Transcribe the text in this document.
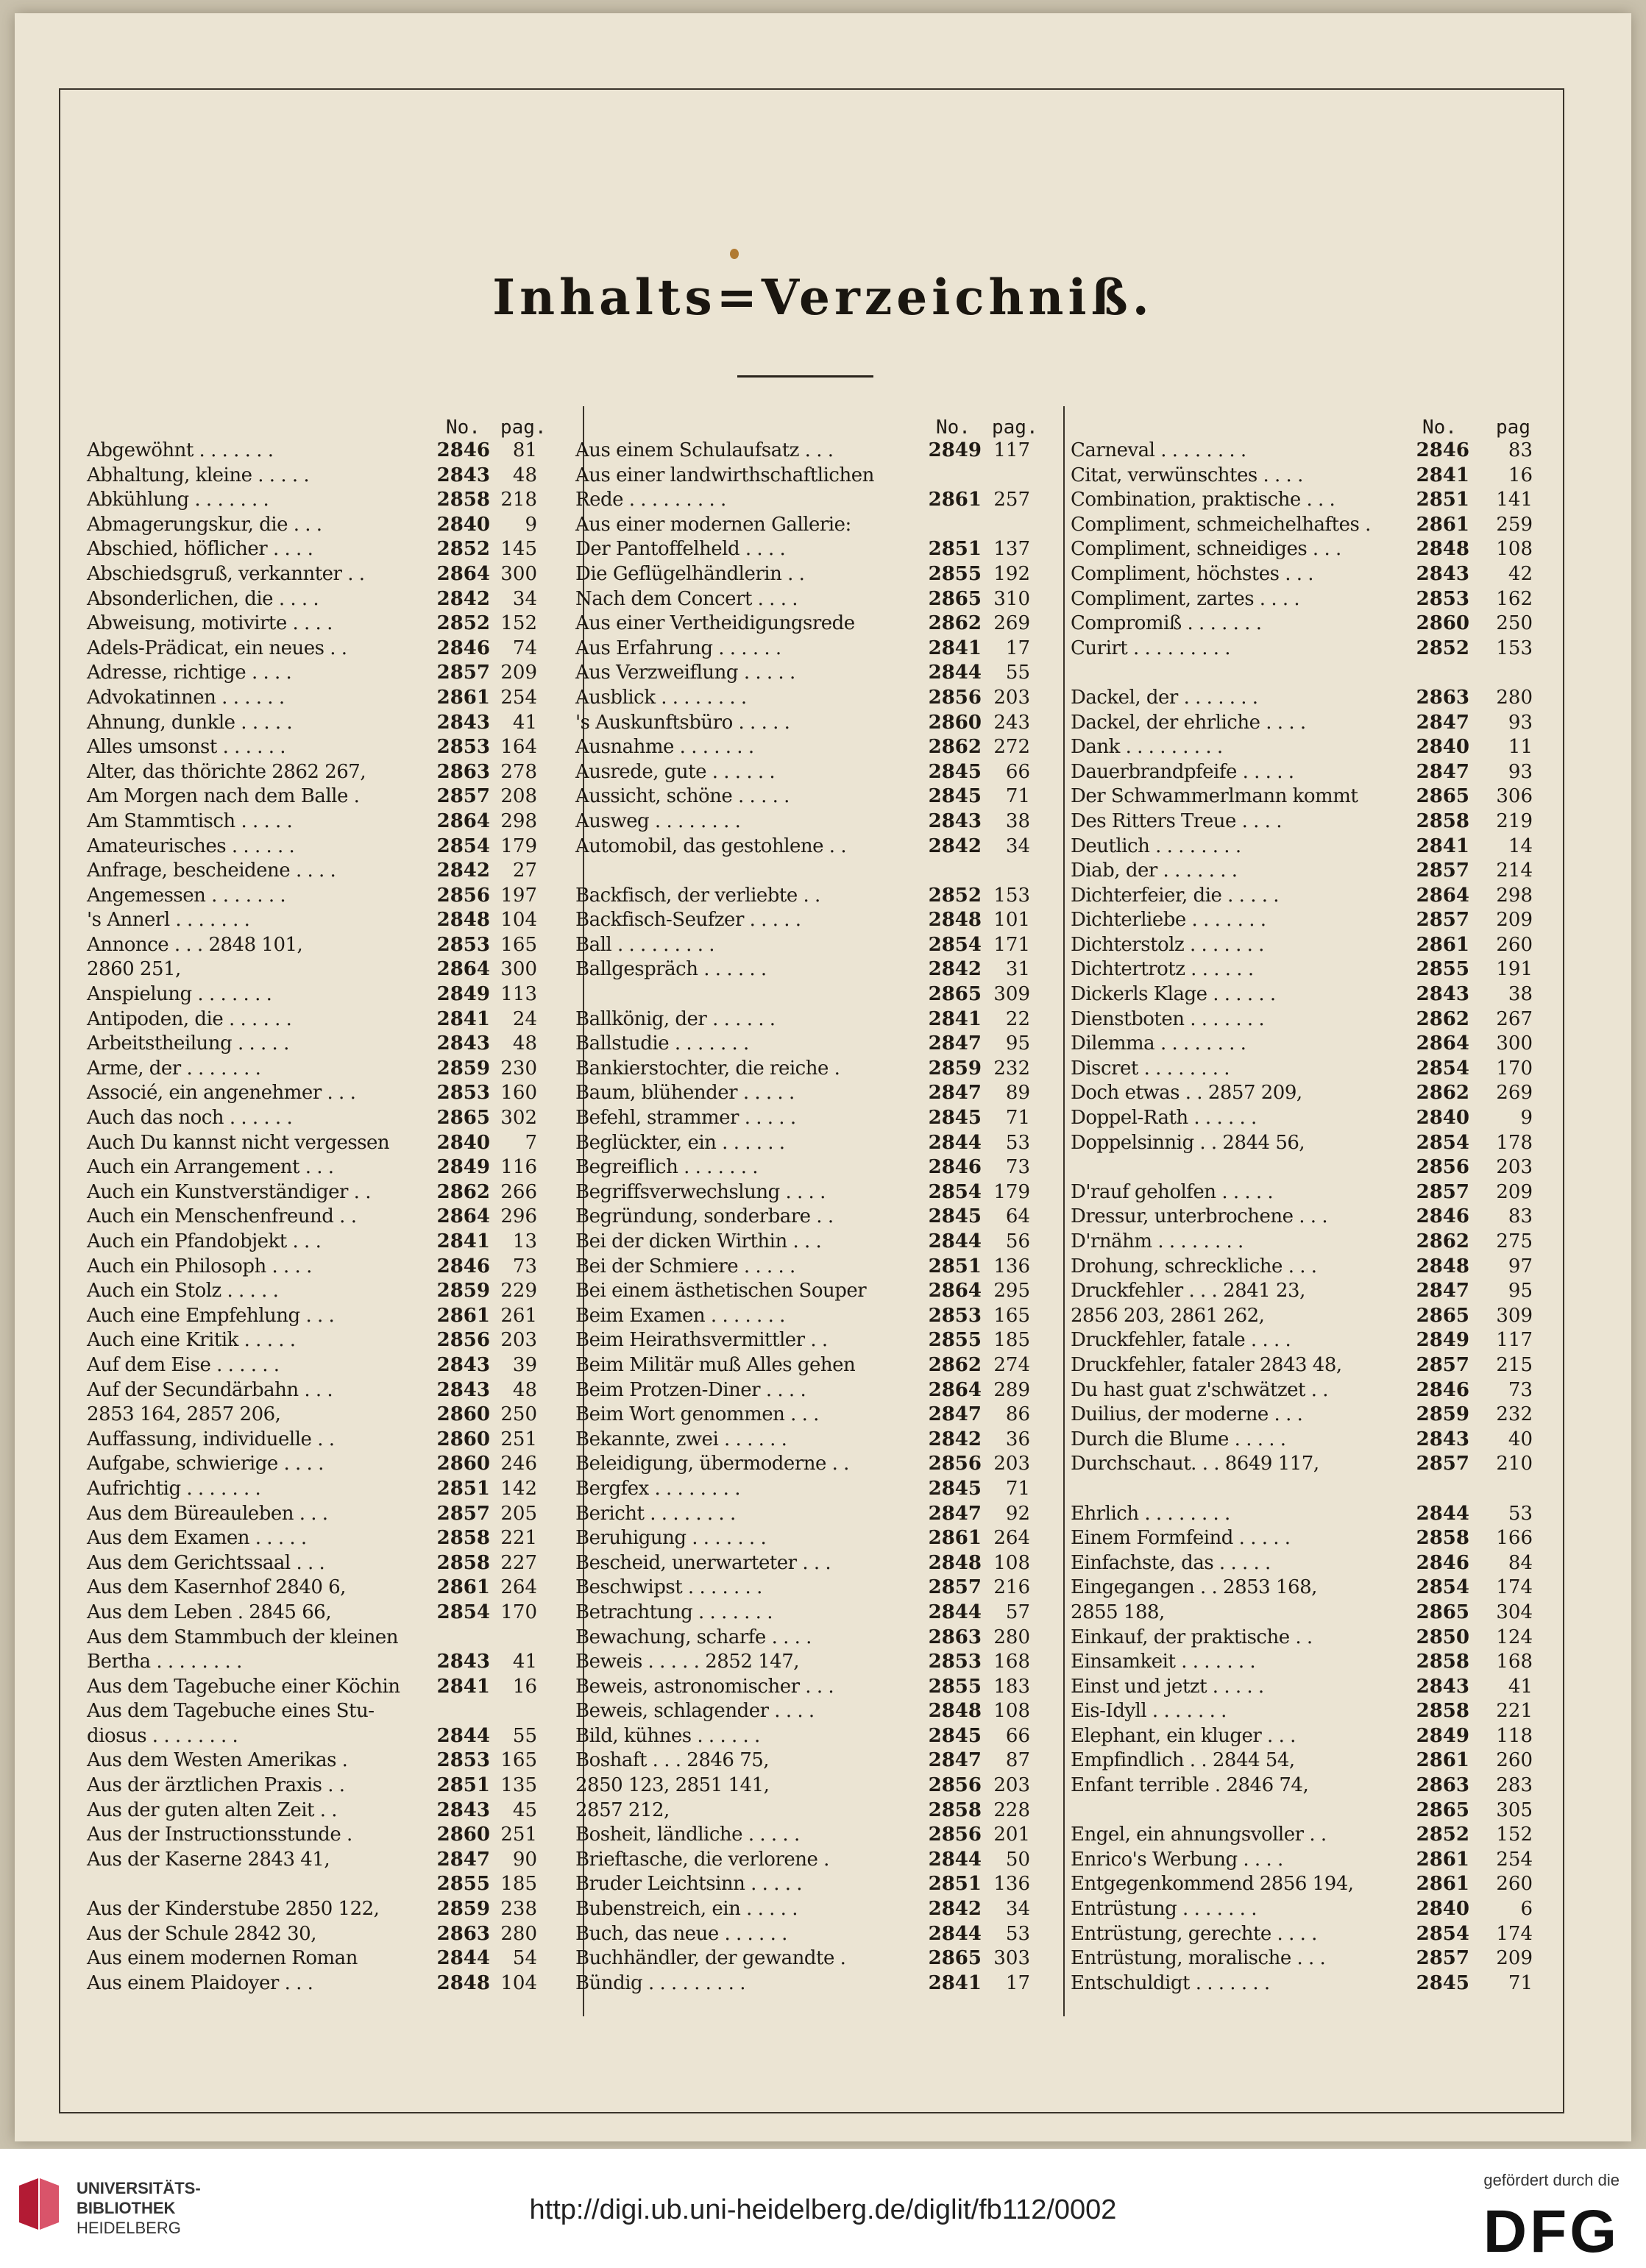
Inhalts=Verzeichniß.
No. pag.
Abgewöhnt . . . . . . .	2846	81
Abhaltung, kleine . . . . .	2843	48
Abkühlung . . . . . . .	2858 218
Abmagerungskur, die . . .	2840	9
Abschied, höflicher . . . .	2852 145
Abschiedsgruß, verkannter . .	2864 300
Absonderlichen, die . . . .	2842	34
Abweisung, motivirte . . . .	2852 152
Adels-Prädicat, ein neues . .	2846	74
Adresse, richtige . . . .	2857 209
Advokatinnen . . . . . .	2861 254
Ahnung, dunkle . . . . .	2843	41
Alles umsonst . . . . . .	2853 164
Alter, das thörichte 2862 267,	2863 278
Am Morgen nach dem Balle .	2857 208
Am Stammtisch . . . . .	2864 298
Amateurisches . . . . . .	2854 179
Anfrage, bescheidene . . . .	2842	27
Angemessen . . . . . . .	2856 197
's Annerl . . . . . . .	2848 104
Annonce . . . 2848 101,	2853 165
2860 251,	2864 300
Anspielung . . . . . . .	2849 113
Antipoden, die . . . . . .	2841	24
Arbeitstheilung . . . . .	2843	48
Arme, der . . . . . . .	2859 230
Associé, ein angenehmer . . .	2853 160
Auch das noch . . . . . .	2865 302
Auch Du kannst nicht vergessen	2840	7
Auch ein Arrangement . . .	2849 116
Auch ein Kunstverständiger . .	2862 266
Auch ein Menschenfreund . .	2864 296
Auch ein Pfandobjekt . . .	2841	13
Auch ein Philosoph . . . .	2846	73
Auch ein Stolz . . . . .	2859 229
Auch eine Empfehlung . . .	2861 261
Auch eine Kritik . . . . .	2856 203
Auf dem Eise . . . . . .	2843	39
Auf der Secundärbahn . . .	2843	48
2853 164, 2857 206,	2860 250
Auffassung, individuelle . .	2860 251
Aufgabe, schwierige . . . .	2860 246
Aufrichtig . . . . . . .	2851 142
Aus dem Büreauleben . . .	2857 205
Aus dem Examen . . . . .	2858 221
Aus dem Gerichtssaal . . .	2858 227
Aus dem Kasernhof 2840 6,	2861 264
Aus dem Leben . 2845 66,	2854 170
Aus dem Stammbuch der kleinen
Bertha . . . . . . . .	2843	41
Aus dem Tagebuche einer Köchin	2841	16
Aus dem Tagebuche eines Stu-
diosus . . . . . . . .	2844	55
Aus dem Westen Amerikas .	2853 165
Aus der ärztlichen Praxis . .	2851 135
Aus der guten alten Zeit . .	2843	45
Aus der Instructionsstunde .	2860 251
Aus der Kaserne 2843 41,	2847	90
2855 185
Aus der Kinderstube 2850 122,	2859 238
Aus der Schule 2842 30,	2863 280
Aus einem modernen Roman	2844	54
Aus einem Plaidoyer . . .	2848 104
No. pag.
Aus einem Schulaufsatz . . .	2849 117
Aus einer landwirthschaftlichen
Rede . . . . . . . . .	2861 257
Aus einer modernen Gallerie:
Der Pantoffelheld . . . .	2851 137
Die Geflügelhändlerin . .	2855 192
Nach dem Concert . . . .	2865 310
Aus einer Vertheidigungsrede	2862 269
Aus Erfahrung . . . . . .	2841	17
Aus Verzweiflung . . . . .	2844	55
Ausblick . . . . . . . .	2856 203
's Auskunftsbüro . . . . .	2860 243
Ausnahme . . . . . . .	2862 272
Ausrede, gute . . . . . .	2845	66
Aussicht, schöne . . . . .	2845	71
Ausweg . . . . . . . .	2843	38
Automobil, das gestohlene . .	2842	34
Backfisch, der verliebte . .	2852 153
Backfisch-Seufzer . . . . .	2848 101
Ball . . . . . . . . .	2854 171
Ballgespräch . . . . . .	2842	31
2865 309
Ballkönig, der . . . . . .	2841	22
Ballstudie . . . . . . .	2847	95
Bankierstochter, die reiche .	2859 232
Baum, blühender . . . . .	2847	89
Befehl, strammer . . . . .	2845	71
Beglückter, ein . . . . . .	2844	53
Begreiflich . . . . . . .	2846	73
Begriffsverwechslung . . . .	2854 179
Begründung, sonderbare . .	2845	64
Bei der dicken Wirthin . . .	2844	56
Bei der Schmiere . . . . .	2851 136
Bei einem ästhetischen Souper	2864 295
Beim Examen . . . . . . .	2853 165
Beim Heirathsvermittler . .	2855 185
Beim Militär muß Alles gehen	2862 274
Beim Protzen-Diner . . . .	2864 289
Beim Wort genommen . . .	2847	86
Bekannte, zwei . . . . . .	2842	36
Beleidigung, übermoderne . .	2856 203
Bergfex . . . . . . . .	2845	71
Bericht . . . . . . . .	2847	92
Beruhigung . . . . . . .	2861 264
Bescheid, unerwarteter . . .	2848 108
Beschwipst . . . . . . .	2857 216
Betrachtung . . . . . . .	2844	57
Bewachung, scharfe . . . .	2863 280
Beweis . . . . . 2852 147,	2853 168
Beweis, astronomischer . . .	2855 183
Beweis, schlagender . . . .	2848 108
Bild, kühnes . . . . . .	2845	66
Boshaft . . . 2846 75,	2847	87
2850 123, 2851 141,	2856 203
2857 212,	2858 228
Bosheit, ländliche . . . . .	2856 201
Brieftasche, die verlorene .	2844	50
Bruder Leichtsinn . . . . .	2851 136
Bubenstreich, ein . . . . .	2842	34
Buch, das neue . . . . . .	2844	53
Buchhändler, der gewandte .	2865 303
Bündig . . . . . . . . .	2841	17
No. pag
Carneval . . . . . . . .	2846	83
Citat, verwünschtes . . . .	2841	16
Combination, praktische . . .	2851 141
Compliment, schmeichelhaftes .	2861 259
Compliment, schneidiges . . .	2848 108
Compliment, höchstes . . .	2843	42
Compliment, zartes . . . .	2853 162
Compromiß . . . . . . .	2860 250
Curirt . . . . . . . . .	2852 153
Dackel, der . . . . . . .	2863 280
Dackel, der ehrliche . . . .	2847	93
Dank . . . . . . . . .	2840	11
Dauerbrandpfeife . . . . .	2847	93
Der Schwammerlmann kommt	2865 306
Des Ritters Treue . . . .	2858 219
Deutlich . . . . . . . .	2841	14
Diab, der . . . . . . .	2857 214
Dichterfeier, die . . . . .	2864 298
Dichterliebe . . . . . . .	2857 209
Dichterstolz . . . . . . .	2861 260
Dichtertrotz . . . . . .	2855 191
Dickerls Klage . . . . . .	2843	38
Dienstboten . . . . . . .	2862 267
Dilemma . . . . . . . .	2864 300
Discret . . . . . . . .	2854 170
Doch etwas . . 2857 209,	2862 269
Doppel-Rath . . . . . .	2840	9
Doppelsinnig . . 2844 56,	2854 178
2856 203
D'rauf geholfen . . . . .	2857 209
Dressur, unterbrochene . . .	2846	83
D'rnähm . . . . . . . .	2862 275
Drohung, schreckliche . . .	2848	97
Druckfehler . . . 2841 23,	2847	95
2856 203, 2861 262,	2865 309
Druckfehler, fatale . . . .	2849 117
Druckfehler, fataler 2843 48,	2857 215
Du hast guat z'schwätzet . .	2846	73
Duilius, der moderne . . .	2859 232
Durch die Blume . . . . .	2843	40
Durchschaut. . . 8649 117,	2857 210
Ehrlich . . . . . . . .	2844	53
Einem Formfeind . . . . .	2858 166
Einfachste, das . . . . .	2846	84
Eingegangen . . 2853 168,	2854 174
2855 188,	2865 304
Einkauf, der praktische . .	2850 124
Einsamkeit . . . . . . .	2858 168
Einst und jetzt . . . . .	2843	41
Eis-Idyll . . . . . . .	2858 221
Elephant, ein kluger . . .	2849 118
Empfindlich . . 2844 54,	2861 260
Enfant terrible . 2846 74,	2863 283
2865 305
Engel, ein ahnungsvoller . .	2852 152
Enrico's Werbung . . . .	2861 254
Entgegenkommend 2856 194,	2861 260
Entrüstung . . . . . . .	2840	6
Entrüstung, gerechte . . . .	2854 174
Entrüstung, moralische . . .	2857 209
Entschuldigt . . . . . . .	2845	71
UNIVERSITÄTS-
BIBLIOTHEK
HEIDELBERG
http://digi.ub.uni-heidelberg.de/diglit/fb112/0002
gefördert durch die
DFG
